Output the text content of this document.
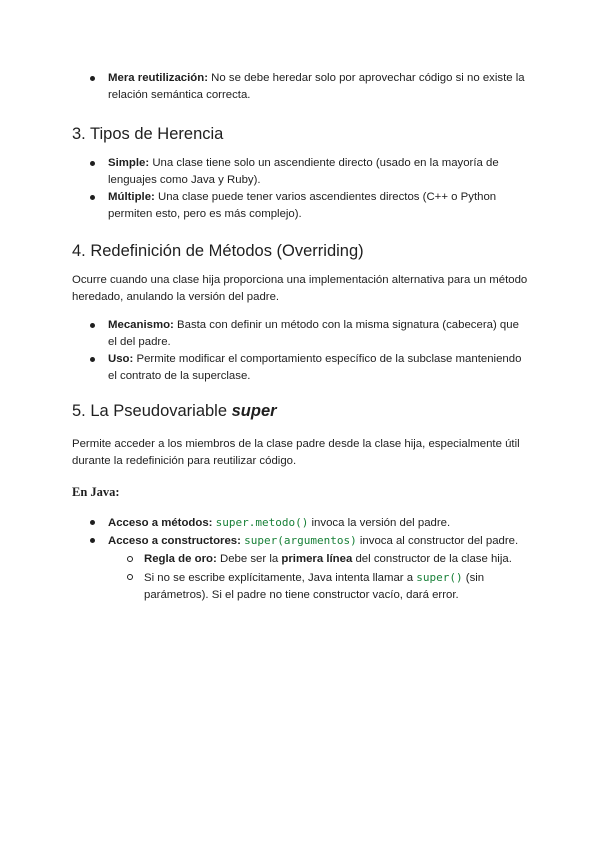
Mera reutilización: No se debe heredar solo por aprovechar código si no existe la relación semántica correcta.
3. Tipos de Herencia
Simple: Una clase tiene solo un ascendiente directo (usado en la mayoría de lenguajes como Java y Ruby).
Múltiple: Una clase puede tener varios ascendientes directos (C++ o Python permiten esto, pero es más complejo).
4. Redefinición de Métodos (Overriding)

Ocurre cuando una clase hija proporciona una implementación alternativa para un método heredado, anulando la versión del padre.

Mecanismo: Basta con definir un método con la misma signatura (cabecera) que el del padre.
Uso: Permite modificar el comportamiento específico de la subclase manteniendo el contrato de la superclase.
5. La Pseudovariable super

Permite acceder a los miembros de la clase padre desde la clase hija, especialmente útil durante la redefinición para reutilizar código.

En Java:
Acceso a métodos: super.metodo() invoca la versión del padre.
Acceso a constructores: super(argumentos) invoca al constructor del padre.
Regla de oro: Debe ser la primera línea del constructor de la clase hija.
Si no se escribe explícitamente, Java intenta llamar a super() (sin parámetros). Si el padre no tiene constructor vacío, dará error.
